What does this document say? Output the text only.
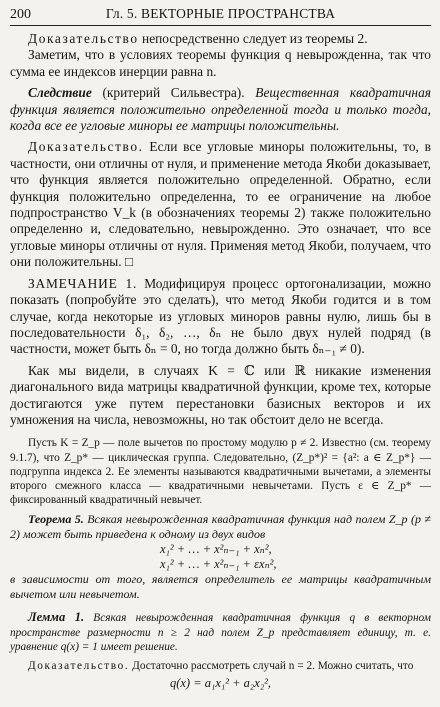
200	Гл. 5. ВЕКТОРНЫЕ ПРОСТРАНСТВА

Доказательство непосредственно следует из теоремы 2.

Заметим, что в условиях теоремы функция q невырожденна, так что сумма ее индексов инерции равна n.

Следствие (критерий Сильвестра). Вещественная квадратичная функция является положительно определенной тогда и только тогда, когда все ее угловые миноры ее матрицы положительны.

Доказательство. Если все угловые миноры положительны, то, в частности, они отличны от нуля, и применение метода Якоби доказывает, что функция является положительно определенной. Обратно, если функция положительно определенна, то ее ограничение на любое подпространство V_k (в обозначениях теоремы 2) также положительно определенно и, следовательно, невырожденно. Это означает, что все угловые миноры отличны от нуля. Применяя метод Якоби, получаем, что они положительны. □

ЗАМЕЧАНИЕ 1. Модифицируя процесс ортогонализации, можно показать (попробуйте это сделать), что метод Якоби годится и в том случае, когда некоторые из угловых миноров равны нулю, лишь бы в последовательности δ₁, δ₂, …, δₙ не было двух нулей подряд (в частности, может быть δₙ = 0, но тогда должно быть δₙ₋₁ ≠ 0).

Как мы видели, в случаях K = ℂ или ℝ никакие изменения диагонального вида матрицы квадратичной функции, кроме тех, которые достигаются уже путем перестановки базисных векторов и их умножения на числа, невозможны, но так обстоит дело не всегда.

Пусть K = Z_p — поле вычетов по простому модулю p ≠ 2. Известно (см. теорему 9.1.7), что Z_p* — циклическая группа. Следовательно, (Z_p*)² = {a²: a ∈ Z_p*} — подгруппа индекса 2. Ее элементы называются квадратичными вычетами, а элементы второго смежного класса — квадратичными невычетами. Пусть ε ∈ Z_p* — фиксированный квадратичный невычет.

Теорема 5. Всякая невырожденная квадратичная функция над полем Z_p (p ≠ 2) может быть приведена к одному из двух видов

x₁² + … + x²ₙ₋₁ + xₙ²,
x₁² + … + x²ₙ₋₁ + εxₙ²,

в зависимости от того, является определитель ее матрицы квадратичным вычетом или невычетом.

Лемма 1. Всякая невырожденная квадратичная функция q в векторном пространстве размерности n ≥ 2 над полем Z_p представляет единицу, т. е. уравнение q(x) = 1 имеет решение.

Доказательство. Достаточно рассмотреть случай n = 2. Можно считать, что

q(x) = a₁x₁² + a₂x₂²,
